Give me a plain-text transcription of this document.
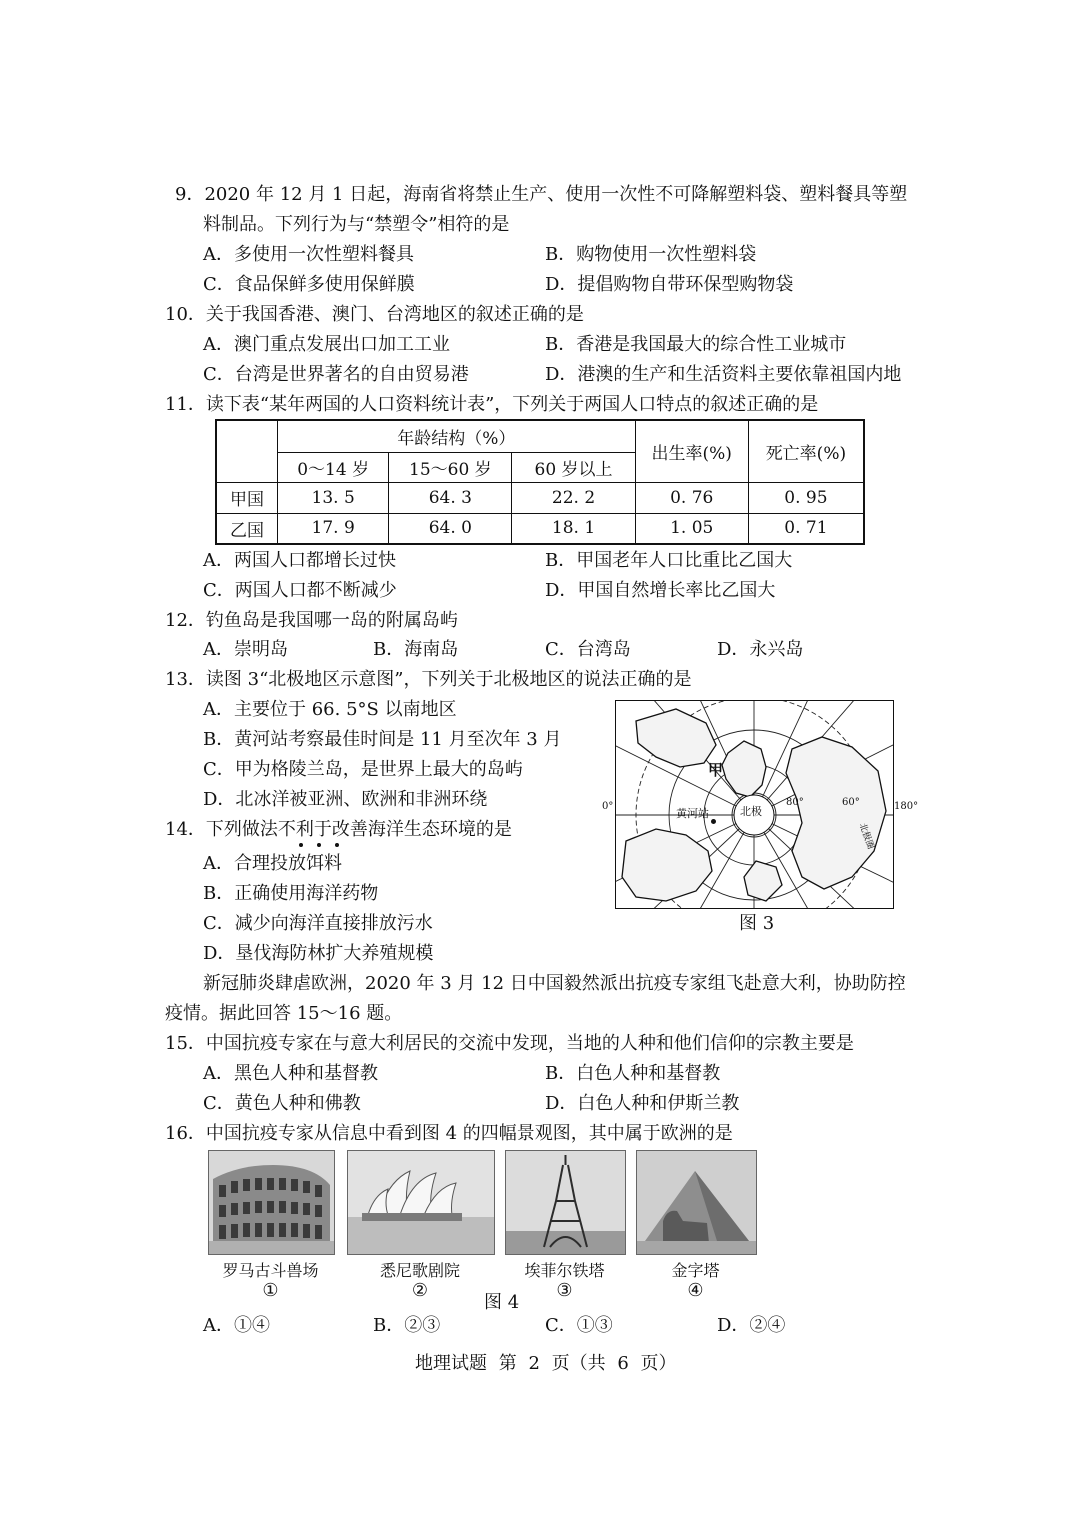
9．2020 年 12 月 1 日起，海南省将禁止生产、使用一次性不可降解塑料袋、塑料餐具等塑
料制品。下列行为与“禁塑令”相符的是
A．多使用一次性塑料餐具	B．购物使用一次性塑料袋
C．食品保鲜多使用保鲜膜	D．提倡购物自带环保型购物袋
10．关于我国香港、澳门、台湾地区的叙述正确的是
A．澳门重点发展出口加工工业	B．香港是我国最大的综合性工业城市
C．台湾是世界著名的自由贸易港	D．港澳的生产和生活资料主要依靠祖国内地
11．读下表“某年两国的人口资料统计表”，下列关于两国人口特点的叙述正确的是
	年龄结构（%）			出生率(%)	死亡率(%)
	0～14 岁	15～60 岁	60 岁以上		
甲国	13. 5	64. 3	22. 2	0. 76	0. 95
乙国	17. 9	64. 0	18. 1	1. 05	0. 71
A．两国人口都增长过快	B．甲国老年人口比重比乙国大
C．两国人口都不断减少	D．甲国自然增长率比乙国大
12．钓鱼岛是我国哪一岛的附属岛屿
A．崇明岛	B．海南岛	C．台湾岛	D．永兴岛
13．读图 3“北极地区示意图”，下列关于北极地区的说法正确的是
A．主要位于 66. 5°S 以南地区
B．黄河站考察最佳时间是 11 月至次年 3 月
C．甲为格陵兰岛，是世界上最大的岛屿
D．北冰洋被亚洲、欧洲和非洲环绕
14．下列做法不利于改善海洋生态环境的是
A．合理投放饵料
B．正确使用海洋药物
C．减少向海洋直接排放污水
D．垦伐海防林扩大养殖规模
甲
北极
黄河站
0°	80°	60°	180°
北极圈
图 3
新冠肺炎肆虐欧洲，2020 年 3 月 12 日中国毅然派出抗疫专家组飞赴意大利，协助防控
疫情。据此回答 15～16 题。
15．中国抗疫专家在与意大利居民的交流中发现，当地的人种和他们信仰的宗教主要是
A．黑色人种和基督教	B．白色人种和基督教
C．黄色人种和佛教	D．白色人种和伊斯兰教
16．中国抗疫专家从信息中看到图 4 的四幅景观图，其中属于欧洲的是
罗马古斗兽场	悉尼歌剧院	埃菲尔铁塔	金字塔
①	②	③	④
图 4
A．①④	B．②③	C．①③	D．②④
地理试题 第 2 页（共 6 页）
